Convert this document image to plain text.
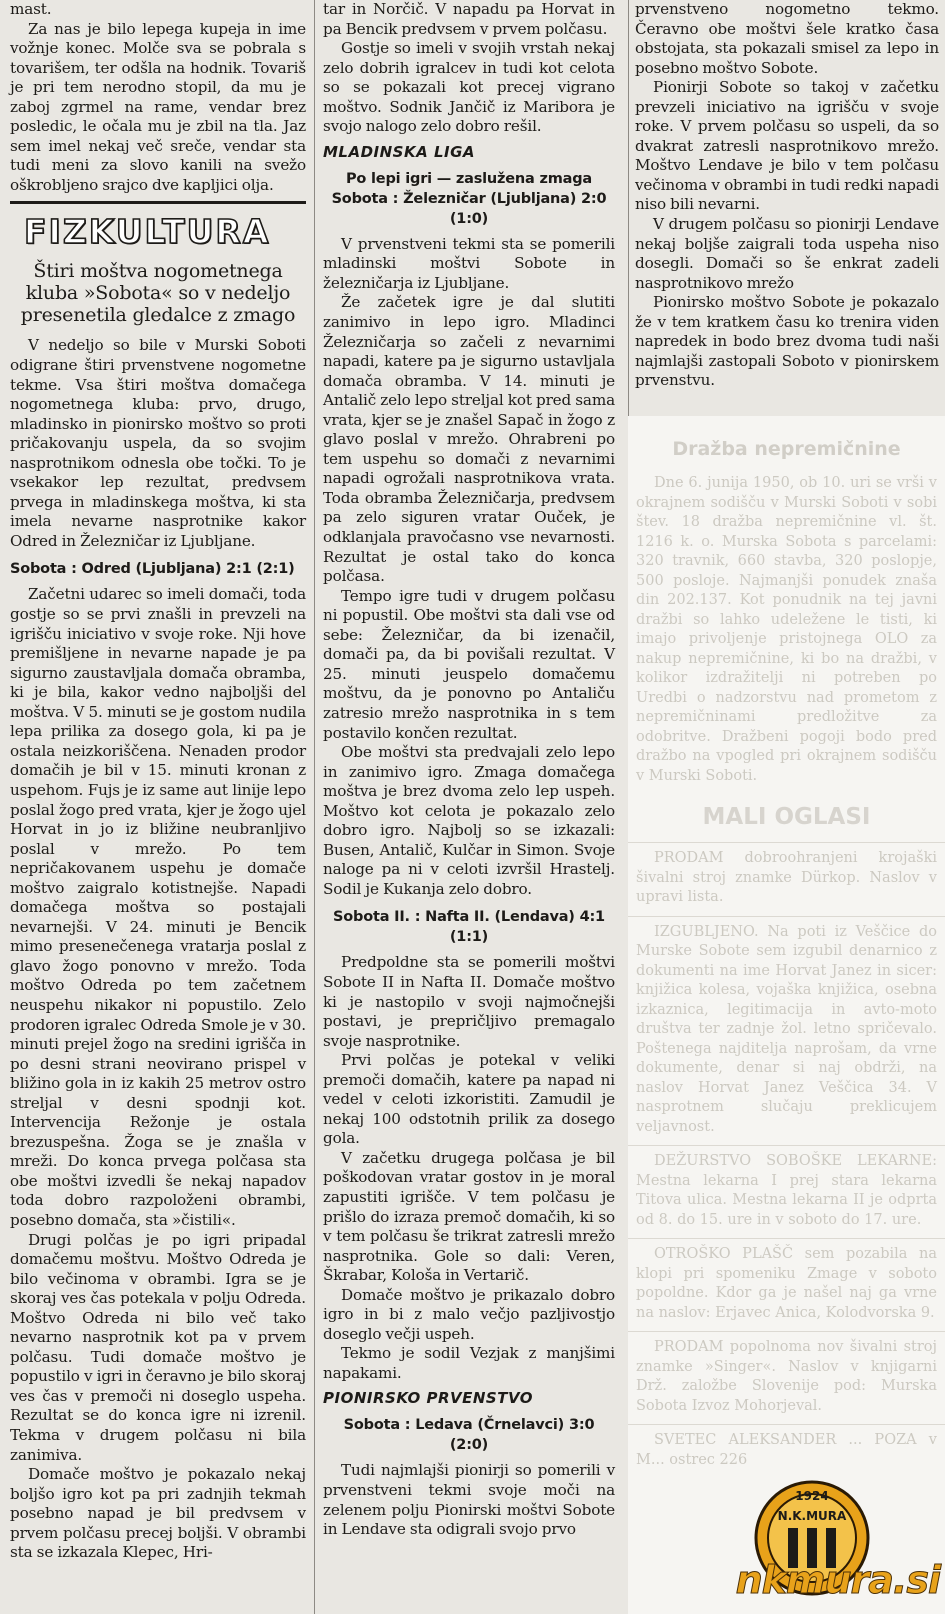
mast.

Za nas je bilo lepega kupeja in ime vožnje konec. Molče sva se pobrala s tovarišem, ter odšla na hodnik. Tovariš je pri tem nerodno stopil, da mu je zaboj zgrmel na rame, vendar brez posledic, le očala mu je zbil na tla. Jaz sem imel nekaj več sreče, vendar sta tudi meni za slovo kanili na svežo oškrobljeno srajco dve kapljici olja.

FIZKULTURA
Štiri moštva nogometnega kluba »Sobota« so v nedeljo presenetila gledalce z zmago

V nedeljo so bile v Murski Soboti odigrane štiri prvenstvene nogometne tekme. Vsa štiri moštva domačega nogometnega kluba: prvo, drugo, mladinsko in pionirsko moštvo so proti pričakovanju uspela, da so svojim nasprotnikom odnesla obe točki. To je vsekakor lep rezultat, predvsem prvega in mladinskega moštva, ki sta imela nevarne nasprotnike kakor Odred in Železničar iz Ljubljane.

Sobota : Odred (Ljubljana) 2:1 (2:1)

Začetni udarec so imeli domači, toda gostje so se prvi znašli in prevzeli na igrišču iniciativo v svoje roke. Nji hove premišljene in nevarne napade je pa sigurno zaustavljala domača obramba, ki je bila, kakor vedno najboljši del moštva. V 5. minuti se je gostom nudila lepa prilika za dosego gola, ki pa je ostala neizkoriščena. Nenaden prodor domačih je bil v 15. minuti kronan z uspehom. Fujs je iz same aut linije lepo poslal žogo pred vrata, kjer je žogo ujel Horvat in jo iz bližine neubranljivo poslal v mrežo. Po tem nepričakovanem uspehu je domače moštvo zaigralo kotistnejše. Napadi domačega moštva so postajali nevarnejši. V 24. minuti je Bencik mimo presenečenega vratarja poslal z glavo žogo ponovno v mrežo. Toda moštvo Odreda po tem začetnem neuspehu nikakor ni popustilo. Zelo prodoren igralec Odreda Smole je v 30. minuti prejel žogo na sredini igrišča in po desni strani neovirano prispel v bližino gola in iz kakih 25 metrov ostro streljal v desni spodnji kot. Intervencija Režonje je ostala brezuspešna. Žoga se je znašla v mreži. Do konca prvega polčasa sta obe moštvi izvedli še nekaj napadov toda dobro razpoloženi obrambi, posebno domača, sta »čistili«.

Drugi polčas je po igri pripadal domačemu moštvu. Moštvo Odreda je bilo večinoma v obrambi. Igra se je skoraj ves čas potekala v polju Odreda. Moštvo Odreda ni bilo več tako nevarno nasprotnik kot pa v prvem polčasu. Tudi domače moštvo je popustilo v igri in čeravno je bilo skoraj ves čas v premoči ni doseglo uspeha. Rezultat se do konca igre ni izrenil. Tekma v drugem polčasu ni bila zanimiva.

Domače moštvo je pokazalo nekaj boljšo igro kot pa pri zadnjih tekmah posebno napad je bil predvsem v prvem polčasu precej boljši. V obrambi sta se izkazala Klepec, Hri-

tar in Norčič. V napadu pa Horvat in pa Bencik predvsem v prvem polčasu.

Gostje so imeli v svojih vrstah nekaj zelo dobrih igralcev in tudi kot celota so se pokazali kot precej vigrano moštvo. Sodnik Jančič iz Maribora je svojo nalogo zelo dobro rešil.

MLADINSKA LIGA
Po lepi igri — zaslužena zmaga
Sobota : Železničar (Ljubljana) 2:0
(1:0)

V prvenstveni tekmi sta se pomerili mladinski moštvi Sobote in železničarja iz Ljubljane.

Že začetek igre je dal slutiti zanimivo in lepo igro. Mladinci Železničarja so začeli z nevarnimi napadi, katere pa je sigurno ustavljala domača obramba. V 14. minuti je Antalič zelo lepo streljal kot pred sama vrata, kjer se je znašel Sapač in žogo z glavo poslal v mrežo. Ohrabreni po tem uspehu so domači z nevarnimi napadi ogrožali nasprotnikova vrata. Toda obramba Železničarja, predvsem pa zelo siguren vratar Ouček, je odklanjala pravočasno vse nevarnosti. Rezultat je ostal tako do konca polčasa.

Tempo igre tudi v drugem polčasu ni popustil. Obe moštvi sta dali vse od sebe: Železničar, da bi izenačil, domači pa, da bi povišali rezultat. V 25. minuti jeuspelo domačemu moštvu, da je ponovno po Antaliču zatresio mrežo nasprotnika in s tem postavilo končen rezultat.

Obe moštvi sta predvajali zelo lepo in zanimivo igro. Zmaga domačega moštva je brez dvoma zelo lep uspeh. Moštvo kot celota je pokazalo zelo dobro igro. Najbolj so se izkazali: Busen, Antalič, Kulčar in Simon. Svoje naloge pa ni v celoti izvršil Hrastelj. Sodil je Kukanja zelo dobro.

Sobota II. : Nafta II. (Lendava) 4:1
(1:1)

Predpoldne sta se pomerili moštvi Sobote II in Nafta II. Domače moštvo ki je nastopilo v svoji najmočnejši postavi, je prepričljivo premagalo svoje nasprotnike.

Prvi polčas je potekal v veliki premoči domačih, katere pa napad ni vedel v celoti izkoristiti. Zamudil je nekaj 100 odstotnih prilik za dosego gola.

V začetku drugega polčasa je bil poškodovan vratar gostov in je moral zapustiti igrišče. V tem polčasu je prišlo do izraza premoč domačih, ki so v tem polčasu še trikrat zatresli mrežo nasprotnika. Gole so dali: Veren, Škrabar, Kološa in Vertarič.

Domače moštvo je prikazalo dobro igro in bi z malo večjo pazljivostjo doseglo večji uspeh.

Tekmo je sodil Vezjak z manjšimi napakami.

PIONIRSKO PRVENSTVO
Sobota : Ledava (Črnelavci) 3:0
(2:0)

Tudi najmlajši pionirji so pomerili v prvenstveni tekmi svoje moči na zelenem polju Pionirski moštvi Sobote in Lendave sta odigrali svojo prvo

prvenstveno nogometno tekmo. Čeravno obe moštvi šele kratko časa obstojata, sta pokazali smisel za lepo in posebno moštvo Sobote.

Pionirji Sobote so takoj v začetku prevzeli iniciativo na igrišču v svoje roke. V prvem polčasu so uspeli, da so dvakrat zatresli nasprotnikovo mrežo. Moštvo Lendave je bilo v tem polčasu večinoma v obrambi in tudi redki napadi niso bili nevarni.

V drugem polčasu so pionirji Lendave nekaj boljše zaigrali toda uspeha niso dosegli. Domači so še enkrat zadeli nasprotnikovo mrežo

Pionirsko moštvo Sobote je pokazalo že v tem kratkem času ko trenira viden napredek in bodo brez dvoma tudi naši najmlajši zastopali Soboto v pionirskem prvenstvu.

Dražba nepremičnine

Dne 6. junija 1950, ob 10. uri se vrši v okrajnem sodišču v Murski Soboti v sobi štev. 18 dražba nepremičnine vl. št. 1216 k. o. Murska Sobota s parcelami: 320 travnik, 660 stavba, 320 poslopje, 500 posloje. Najmanjši ponudek znaša din 202.137. Kot ponudnik na tej javni dražbi so lahko udeležene le tisti, ki imajo privoljenje pristojnega OLO za nakup nepremičnine, ki bo na dražbi, v kolikor izdražitelji ni potreben po Uredbi o nadzorstvu nad prometom z nepremičninami predložitve za odobritve. Dražbeni pogoji bodo pred dražbo na vpogled pri okrajnem sodišču v Murski Soboti.

MALI OGLASI

PRODAM dobroohranjeni krojaški šivalni stroj znamke Dürkop. Naslov v upravi lista.

IZGUBLJENO. Na poti iz Veščice do Murske Sobote sem izgubil denarnico z dokumenti na ime Horvat Janez in sicer: knjižica kolesa, vojaška knjižica, osebna izkaznica, legitimacija in avto-moto društva ter zadnje žol. letno spričevalo. Poštenega najditelja naprošam, da vrne dokumente, denar si naj obdrži, na naslov Horvat Janez Veščica 34. V nasprotnem slučaju preklicujem veljavnost.

DEŽURSTVO SOBOŠKE LEKARNE: Mestna lekarna I prej stara lekarna Titova ulica. Mestna lekarna II je odprta od 8. do 15. ure in v soboto do 17. ure.

OTROŠKO PLAŠČ sem pozabila na klopi pri spomeniku Zmage v soboto popoldne. Kdor ga je našel naj ga vrne na naslov: Erjavec Anica, Kolodvorska 9.

PRODAM popolnoma nov šivalni stroj znamke »Singer«. Naslov v knjigarni Drž. založbe Slovenije pod: Murska Sobota Izvoz Mohorjeval.

SVETEC ALEKSANDER ... POZA v M... ostrec 226

1924
N.K.MURA
nkmura.si
